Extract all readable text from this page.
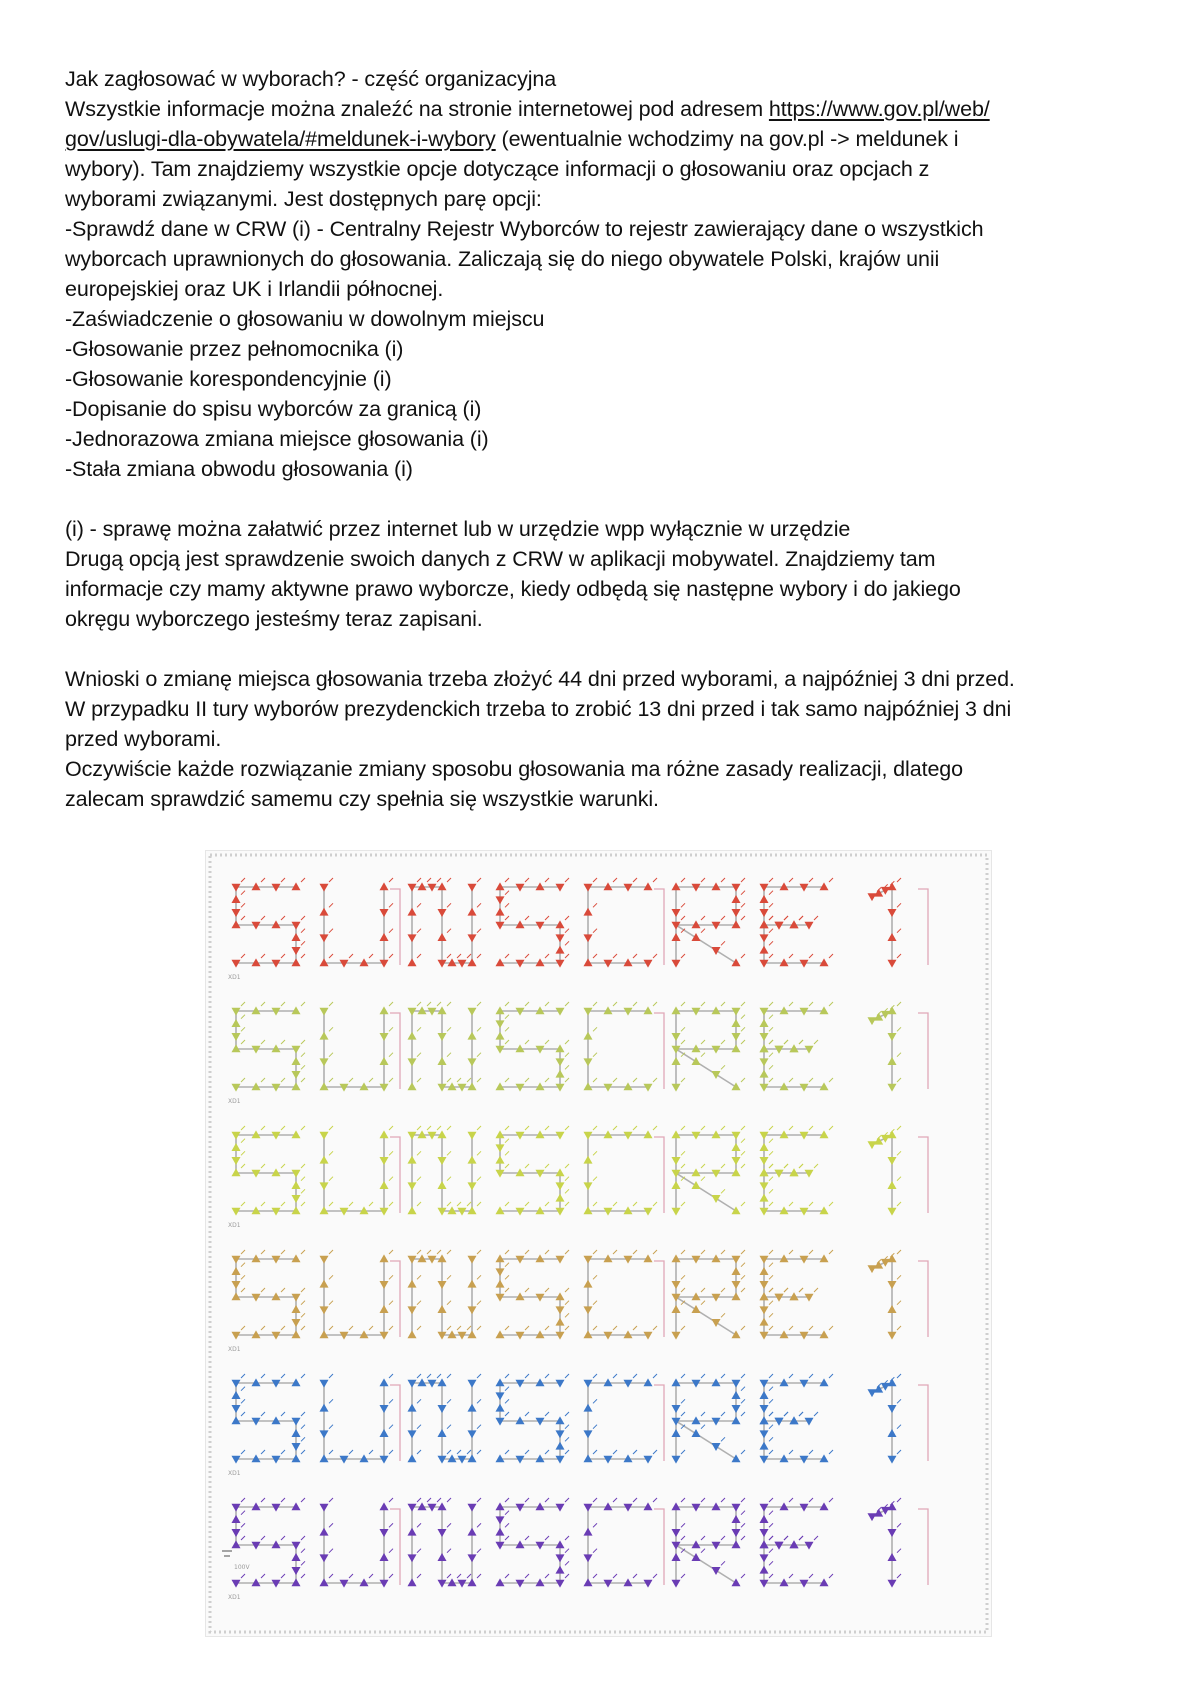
Jak zagłosować w wyborach? - część organizacyjna
Wszystkie informacje można znaleźć na stronie internetowej pod adresem https://www.gov.pl/web/
gov/uslugi-dla-obywatela/#meldunek-i-wybory (ewentualnie wchodzimy na gov.pl -> meldunek i
wybory). Tam znajdziemy wszystkie opcje dotyczące informacji o głosowaniu oraz opcjach z
wyborami związanymi. Jest dostępnych parę opcji:
-Sprawdź dane w CRW (i) - Centralny Rejestr Wyborców to rejestr zawierający dane o wszystkich
wyborcach uprawnionych do głosowania. Zaliczają się do niego obywatele Polski, krajów unii
europejskiej oraz UK i Irlandii północnej.
-Zaświadczenie o głosowaniu w dowolnym miejscu
-Głosowanie przez pełnomocnika (i)
-Głosowanie korespondencyjnie (i)
-Dopisanie do spisu wyborców za granicą (i)
-Jednorazowa zmiana miejsce głosowania (i)
-Stała zmiana obwodu głosowania (i)
(i) - sprawę można załatwić przez internet lub w urzędzie wpp wyłącznie w urzędzie
Drugą opcją jest sprawdzenie swoich danych z CRW w aplikacji mobywatel. Znajdziemy tam
informacje czy mamy aktywne prawo wyborcze, kiedy odbędą się następne wybory i do jakiego
okręgu wyborczego jesteśmy teraz zapisani.
Wnioski o zmianę miejsca głosowania trzeba złożyć 44 dni przed wyborami, a najpóźniej 3 dni przed.
W przypadku II tury wyborów prezydenckich trzeba to zrobić 13 dni przed i tak samo najpóźniej 3 dni
przed wyborami.
Oczywiście każde rozwiązanie zmiany sposobu głosowania ma różne zasady realizacji, dlatego
zalecam sprawdzić samemu czy spełnia się wszystkie warunki.
XD1
XD1
XD1
XD1
XD1
XD1
100V
